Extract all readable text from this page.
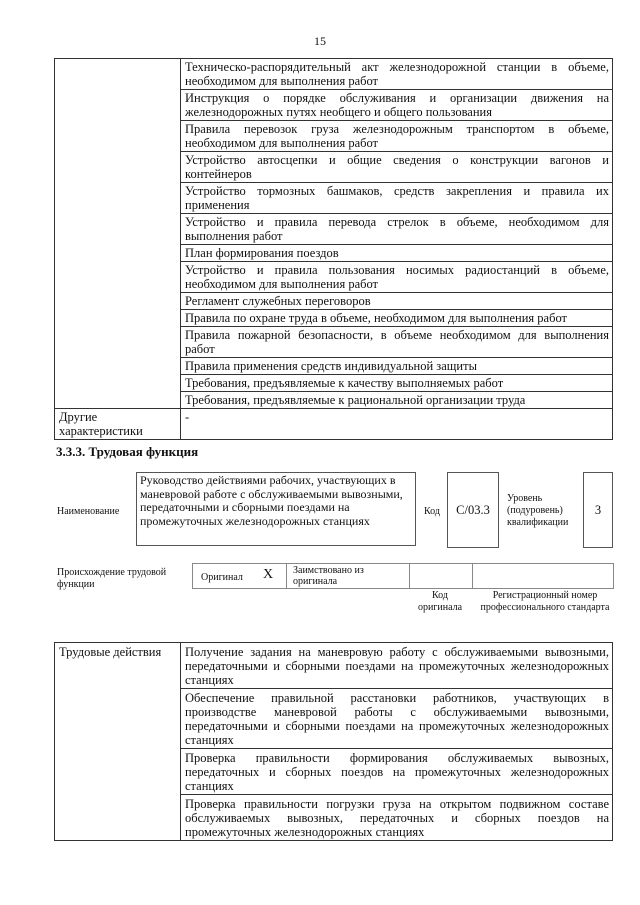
15
	Техническо-распорядительный акт железнодорожной станции в объеме, необходимом для выполнения работ
	Инструкция о порядке обслуживания и организации движения на железнодорожных путях необщего и общего пользования
	Правила перевозок груза железнодорожным транспортом в объеме, необходимом для выполнения работ
	Устройство автосцепки и общие сведения о конструкции вагонов и контейнеров
	Устройство тормозных башмаков, средств закрепления и правила их применения
	Устройство и правила перевода стрелок в объеме, необходимом для выполнения работ
	План формирования поездов
	Устройство и правила пользования носимых радиостанций в объеме, необходимом для выполнения работ
	Регламент служебных переговоров
	Правила по охране труда в объеме, необходимом для выполнения работ
	Правила пожарной безопасности, в объеме необходимом для выполнения работ
	Правила применения средств индивидуальной защиты
	Требования, предъявляемые к качеству выполняемых работ
	Требования, предъявляемые к рациональной организации труда
Другие характеристики	-
3.3.3. Трудовая функция
Наименование
Руководство действиями рабочих, участвующих в маневровой работе с обслуживаемыми вывозными, передаточными и сборными поездами на промежуточных железнодорожных станциях
Код	С/03.3
Уровень (подуровень) квалификации
3
Происхождение трудовой функции
Оригинал X Заимствовано из оригинала
Код оригинала
Регистрационный номер профессионального стандарта
Трудовые действия	Получение задания на маневровую работу с обслуживаемыми вывозными, передаточными и сборными поездами на промежуточных железнодорожных станциях
Обеспечение правильной расстановки работников, участвующих в производстве маневровой работы с обслуживаемыми вывозными, передаточными и сборными поездами на промежуточных железнодорожных станциях
Проверка правильности формирования обслуживаемых вывозных, передаточных и сборных поездов на промежуточных железнодорожных станциях
Проверка правильности погрузки груза на открытом подвижном составе обслуживаемых вывозных, передаточных и сборных поездов на промежуточных железнодорожных станциях
